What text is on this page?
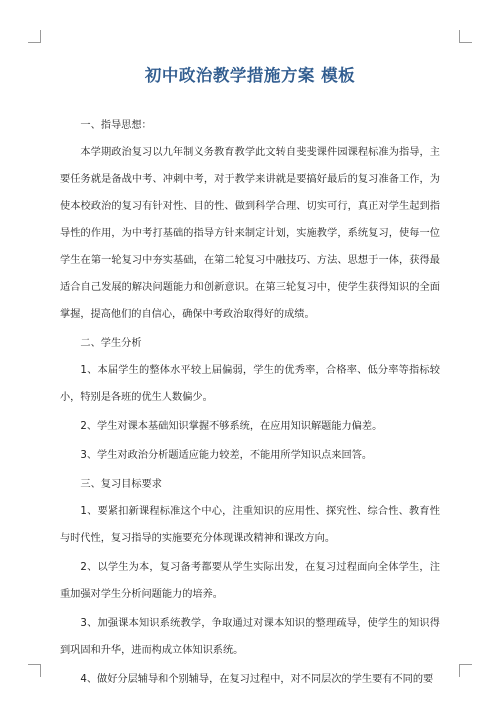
初中政治教学措施方案 模板

一、指导思想：

本学期政治复习以九年制义务教育教学此文转自斐斐课件园课程标准为指导，主要任务就是备战中考、冲刺中考，对于教学来讲就是要搞好最后的复习准备工作，为使本校政治的复习有针对性、目的性、做到科学合理、切实可行，真正对学生起到指导性的作用，为中考打基础的指导方针来制定计划，实施教学，系统复习，使每一位学生在第一轮复习中夯实基础，在第二轮复习中融技巧、方法、思想于一体，获得最适合自己发展的解决问题能力和创新意识。在第三轮复习中，使学生获得知识的全面掌握，提高他们的自信心，确保中考政治取得好的成绩。

二、学生分析

1、本届学生的整体水平较上届偏弱，学生的优秀率，合格率、低分率等指标较小，特别是各班的优生人数偏少。

2、学生对课本基础知识掌握不够系统，在应用知识解题能力偏差。

3、学生对政治分析题适应能力较差，不能用所学知识点来回答。

三、复习目标要求

1、要紧扣新课程标准这个中心，注重知识的应用性、探究性、综合性、教育性与时代性，复习指导的实施要充分体现课改精神和课改方向。

2、以学生为本，复习备考都要从学生实际出发，在复习过程面向全体学生，注重加强对学生分析问题能力的培养。

3、加强课本知识系统教学，争取通过对课本知识的整理疏导，使学生的知识得到巩固和升华，进而构成立体知识系统。

4、做好分层辅导和个别辅导，在复习过程中，对不同层次的学生要有不同的要
